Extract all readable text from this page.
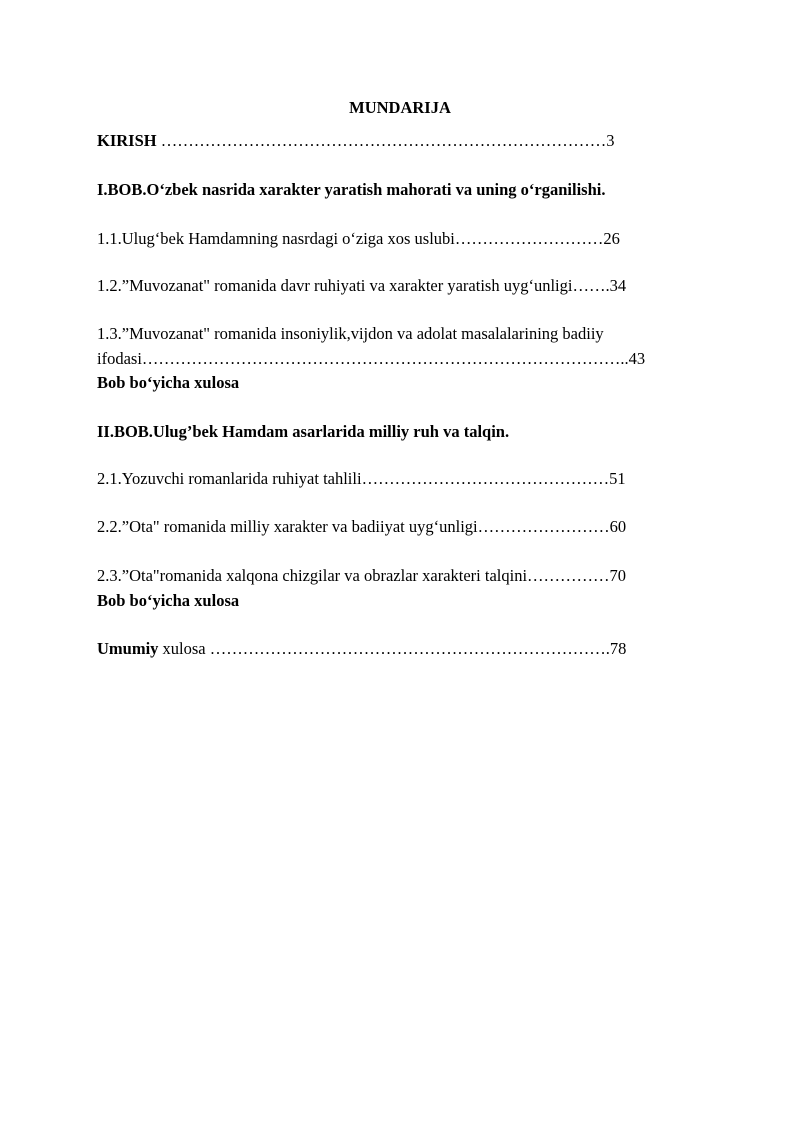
MUNDARIJA
KIRISH ………………………………………………………………………3
I.BOB.O‘zbek nasrida xarakter yaratish mahorati va uning o‘rganilishi.
1.1.Ulug‘bek Hamdamning nasrdagi o‘ziga xos uslubi………………………26
1.2.”Muvozanat" romanida davr ruhiyati va xarakter yaratish uyg‘unligi…….34
1.3.”Muvozanat" romanida insoniylik,vijdon va adolat masalalarining badiiy
ifodasi……………………………………………………………………………..43
Bob bo‘yicha xulosa
II.BOB.Ulug’bek Hamdam asarlarida milliy ruh va talqin.
2.1.Yozuvchi romanlarida ruhiyat tahlili………………………………………51
2.2.”Ota" romanida milliy xarakter va badiiyat uyg‘unligi……………………60
2.3.”Ota"romanida xalqona chizgilar va obrazlar xarakteri talqini……………70
Bob bo‘yicha xulosa
Umumiy xulosa ……………………………………………………………….78
